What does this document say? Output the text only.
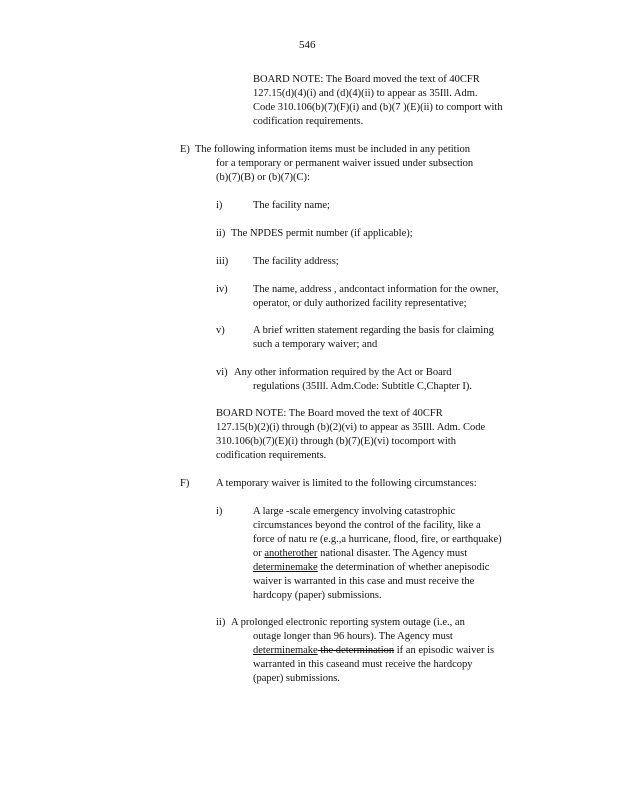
546
BOARD NOTE: The Board moved the text of 40CFR
127.15(d)(4)(i) and (d)(4)(ii) to appear as 35Ill. Adm.
Code 310.106(b)(7)(F)(i) and (b)(7 )(E)(ii) to comport with
codification requirements.
E) The following information items must be included in any petition
for a temporary or permanent waiver issued under subsection
(b)(7)(B) or (b)(7)(C):
i)	The facility name;
ii) The NPDES permit number (if applicable);
iii) The facility address;
iv) The name, address , andcontact information for the owner,
operator, or duly authorized facility representative;
v)	A brief written statement regarding the basis for claiming
such a temporary waiver; and
vi) Any other information required by the Act or Board
regulations (35Ill. Adm.Code: Subtitle C,Chapter I).
BOARD NOTE: The Board moved the text of 40CFR
127.15(b)(2)(i) through (b)(2)(vi) to appear as 35Ill. Adm. Code
310.106(b)(7)(E)(i) through (b)(7)(E)(vi) tocomport with
codification requirements.
F)	A temporary waiver is limited to the following circumstances:
i)	A large -scale emergency involving catastrophic
circumstances beyond the control of the facility, like a
force of natu re (e.g.,a hurricane, flood, fire, or earthquake)
or anotherother national disaster. The Agency must
determinemake the determination of whether anepisodic
waiver is warranted in this case and must receive the
hardcopy (paper) submissions.
ii) A prolonged electronic reporting system outage (i.e., an
outage longer than 96 hours). The Agency must
determinemake the determination if an episodic waiver is
warranted in this caseand must receive the hardcopy
(paper) submissions.
